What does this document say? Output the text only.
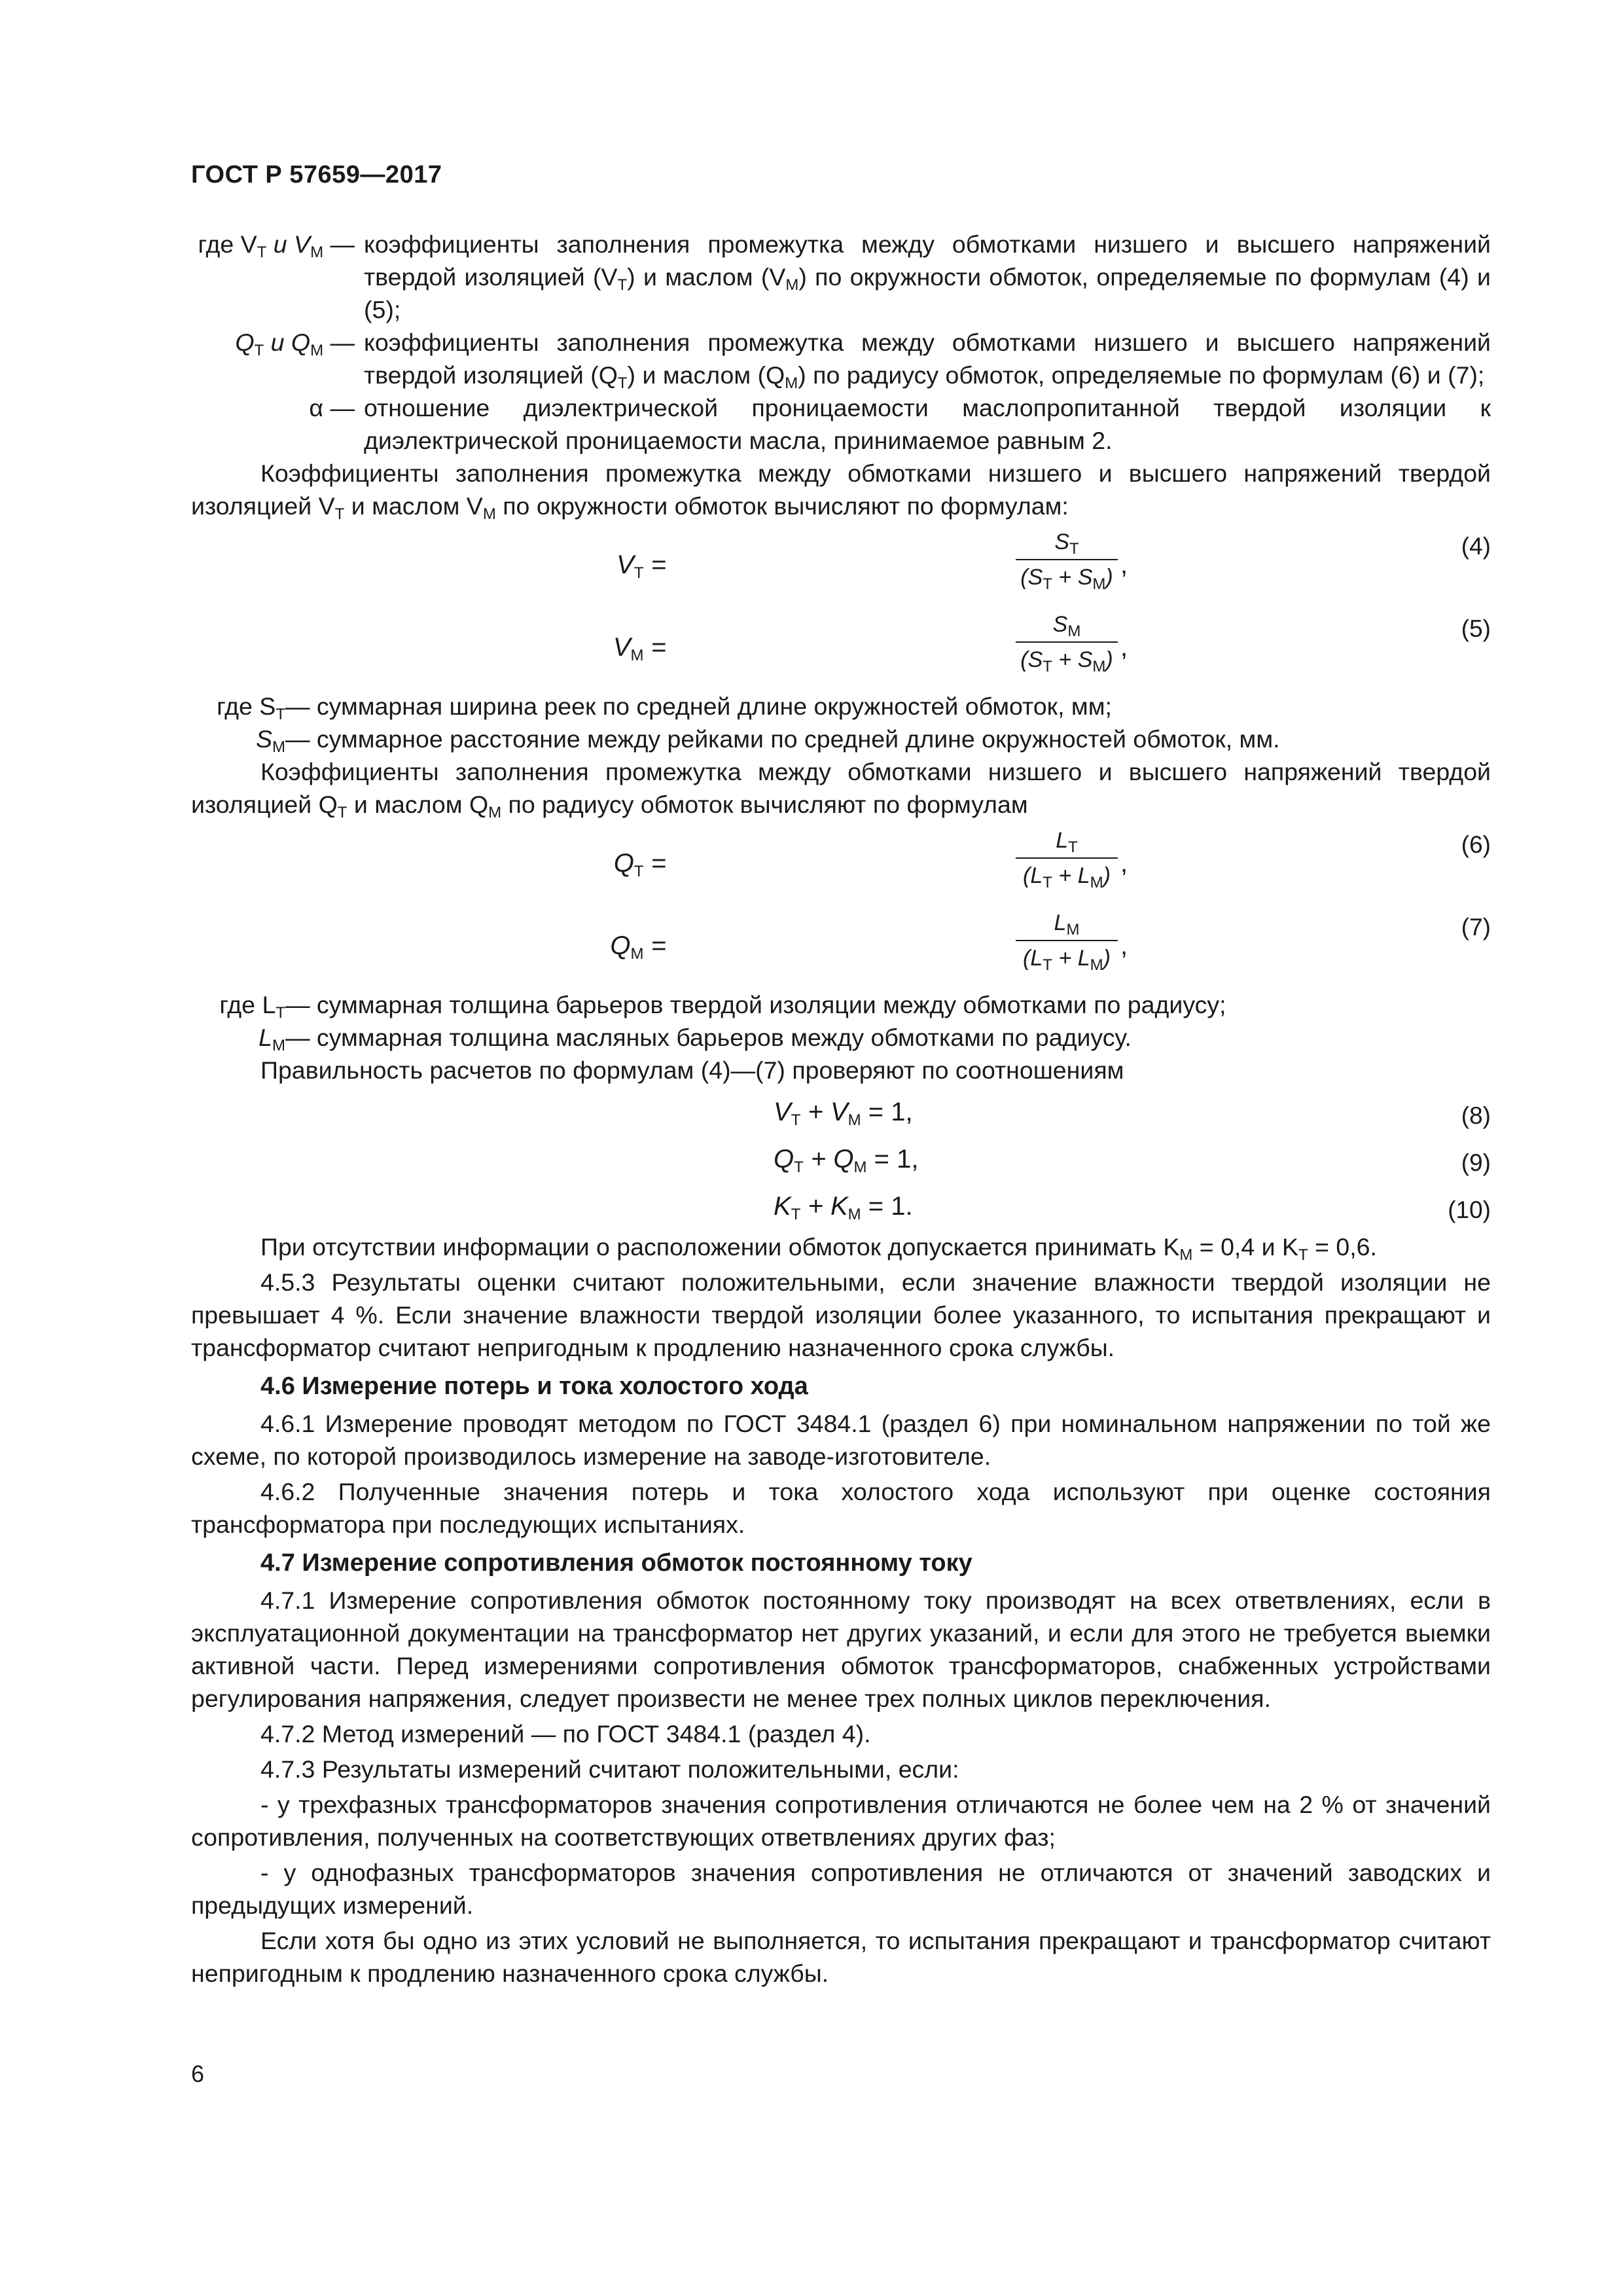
ГОСТ Р 57659—2017
где $V_Т$ и $V_М$ — коэффициенты заполнения промежутка между обмотками низшего и высшего напряжений твердой изоляцией $(V_Т)$ и маслом $(V_М)$ по окружности обмоток, определяемые по формулам (4) и (5);
$Q_Т$ и $Q_М$ — коэффициенты заполнения промежутка между обмотками низшего и высшего напряжений твердой изоляцией $(Q_Т)$ и маслом $(Q_М)$ по радиусу обмоток, определяемые по формулам (6) и (7);
α — отношение диэлектрической проницаемости маслопропитанной твердой изоляции к диэлектрической проницаемости масла, принимаемое равным 2.

Коэффициенты заполнения промежутка между обмотками низшего и высшего напряжений твердой изоляцией $V_Т$ и маслом $V_М$ по окружности обмоток вычисляют по формулам:

$V_Т$ =
$S_Т$
$(S_Т + S_М)$ ,
(4)
$V_М$ =
$S_М$
$(S_Т + S_М)$ ,
(5)
где $S_Т$ — суммарная ширина реек по средней длине окружностей обмоток, мм;
$S_М$ — суммарное расстояние между рейками по средней длине окружностей обмоток, мм.

Коэффициенты заполнения промежутка между обмотками низшего и высшего напряжений твердой изоляцией $Q_Т$ и маслом $Q_М$ по радиусу обмоток вычисляют по формулам

$Q_Т$ =
$L_Т$
$(L_Т + L_М)$ ,
(6)
$Q_М$ =
$L_М$
$(L_Т + L_М)$ ,
(7)
где $L_Т$ — суммарная толщина барьеров твердой изоляции между обмотками по радиусу;
$L_М$ — суммарная толщина масляных барьеров между обмотками по радиусу.

Правильность расчетов по формулам (4)—(7) проверяют по соотношениям

$V_Т + V_М = 1$,	(8)
$Q_Т + Q_М = 1$,	(9)
$K_Т + K_М = 1$.	(10)

При отсутствии информации о расположении обмоток допускается принимать $K_М = 0,4$ и $K_Т = 0,6$.

4.5.3 Результаты оценки считают положительными, если значение влажности твердой изоляции не превышает 4 %. Если значение влажности твердой изоляции более указанного, то испытания прекращают и трансформатор считают непригодным к продлению назначенного срока службы.

4.6 Измерение потерь и тока холостого хода

4.6.1 Измерение проводят методом по ГОСТ 3484.1 (раздел 6) при номинальном напряжении по той же схеме, по которой производилось измерение на заводе-изготовителе.

4.6.2 Полученные значения потерь и тока холостого хода используют при оценке состояния трансформатора при последующих испытаниях.

4.7 Измерение сопротивления обмоток постоянному току

4.7.1 Измерение сопротивления обмоток постоянному току производят на всех ответвлениях, если в эксплуатационной документации на трансформатор нет других указаний, и если для этого не требуется выемки активной части. Перед измерениями сопротивления обмоток трансформаторов, снабженных устройствами регулирования напряжения, следует произвести не менее трех полных циклов переключения.

4.7.2 Метод измерений — по ГОСТ 3484.1 (раздел 4).

4.7.3 Результаты измерений считают положительными, если:

- у трехфазных трансформаторов значения сопротивления отличаются не более чем на 2 % от значений сопротивления, полученных на соответствующих ответвлениях других фаз;

- у однофазных трансформаторов значения сопротивления не отличаются от значений заводских и предыдущих измерений.

Если хотя бы одно из этих условий не выполняется, то испытания прекращают и трансформатор считают непригодным к продлению назначенного срока службы.

6
